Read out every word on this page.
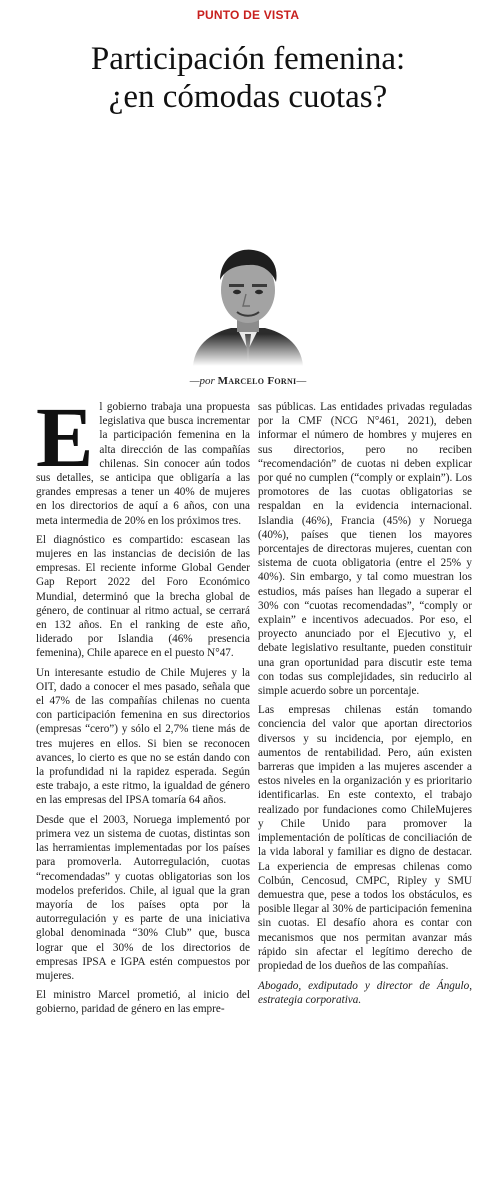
PUNTO DE VISTA
Participación femenina:
¿en cómodas cuotas?
—por Marcelo Forni—

El gobierno trabaja una propuesta legislativa que busca incrementar la participación femenina en la alta dirección de las compañías chilenas. Sin conocer aún todos sus detalles, se anticipa que obligaría a las grandes empresas a tener un 40% de mujeres en los directorios de aquí a 6 años, con una meta intermedia de 20% en los próximos tres.

El diagnóstico es compartido: escasean las mujeres en las instancias de decisión de las empresas. El reciente informe Global Gender Gap Report 2022 del Foro Económico Mundial, determinó que la brecha global de género, de continuar al ritmo actual, se cerrará en 132 años. En el ranking de este año, liderado por Islandia (46% presencia femenina), Chile aparece en el puesto N°47.

Un interesante estudio de Chile Mujeres y la OIT, dado a conocer el mes pasado, señala que el 47% de las compañías chilenas no cuenta con participación femenina en sus directorios (empresas “cero”) y sólo el 2,7% tiene más de tres mujeres en ellos. Si bien se reconocen avances, lo cierto es que no se están dando con la profundidad ni la rapidez esperada. Según este trabajo, a este ritmo, la igualdad de género en las empresas del IPSA tomaría 64 años.

Desde que el 2003, Noruega implementó por primera vez un sistema de cuotas, distintas son las herramientas implementadas por los países para promoverla. Autorregulación, cuotas “recomendadas” y cuotas obligatorias son los modelos preferidos. Chile, al igual que la gran mayoría de los países opta por la autorregulación y es parte de una iniciativa global denominada “30% Club” que, busca lograr que el 30% de los directorios de empresas IPSA e IGPA estén compuestos por mujeres.

El ministro Marcel prometió, al inicio del gobierno, paridad de género en las empre-

sas públicas. Las entidades privadas reguladas por la CMF (NCG N°461, 2021), deben informar el número de hombres y mujeres en sus directorios, pero no reciben “recomendación” de cuotas ni deben explicar por qué no cumplen (“comply or explain”). Los promotores de las cuotas obligatorias se respaldan en la evidencia internacional. Islandia (46%), Francia (45%) y Noruega (40%), países que tienen los mayores porcentajes de directoras mujeres, cuentan con sistema de cuota obligatoria (entre el 25% y 40%). Sin embargo, y tal como muestran los estudios, más países han llegado a superar el 30% con “cuotas recomendadas”, “comply or explain” e incentivos adecuados. Por eso, el proyecto anunciado por el Ejecutivo y, el debate legislativo resultante, pueden constituir una gran oportunidad para discutir este tema con todas sus complejidades, sin reducirlo al simple acuerdo sobre un porcentaje.

Las empresas chilenas están tomando conciencia del valor que aportan directorios diversos y su incidencia, por ejemplo, en aumentos de rentabilidad. Pero, aún existen barreras que impiden a las mujeres ascender a estos niveles en la organización y es prioritario identificarlas. En este contexto, el trabajo realizado por fundaciones como ChileMujeres y Chile Unido para promover la implementación de políticas de conciliación de la vida laboral y familiar es digno de destacar. La experiencia de empresas chilenas como Colbún, Cencosud, CMPC, Ripley y SMU demuestra que, pese a todos los obstáculos, es posible llegar al 30% de participación femenina sin cuotas. El desafío ahora es contar con mecanismos que nos permitan avanzar más rápido sin afectar el legítimo derecho de propiedad de los dueños de las compañías.

Abogado, exdiputado y director de Ángulo, estrategia corporativa.
